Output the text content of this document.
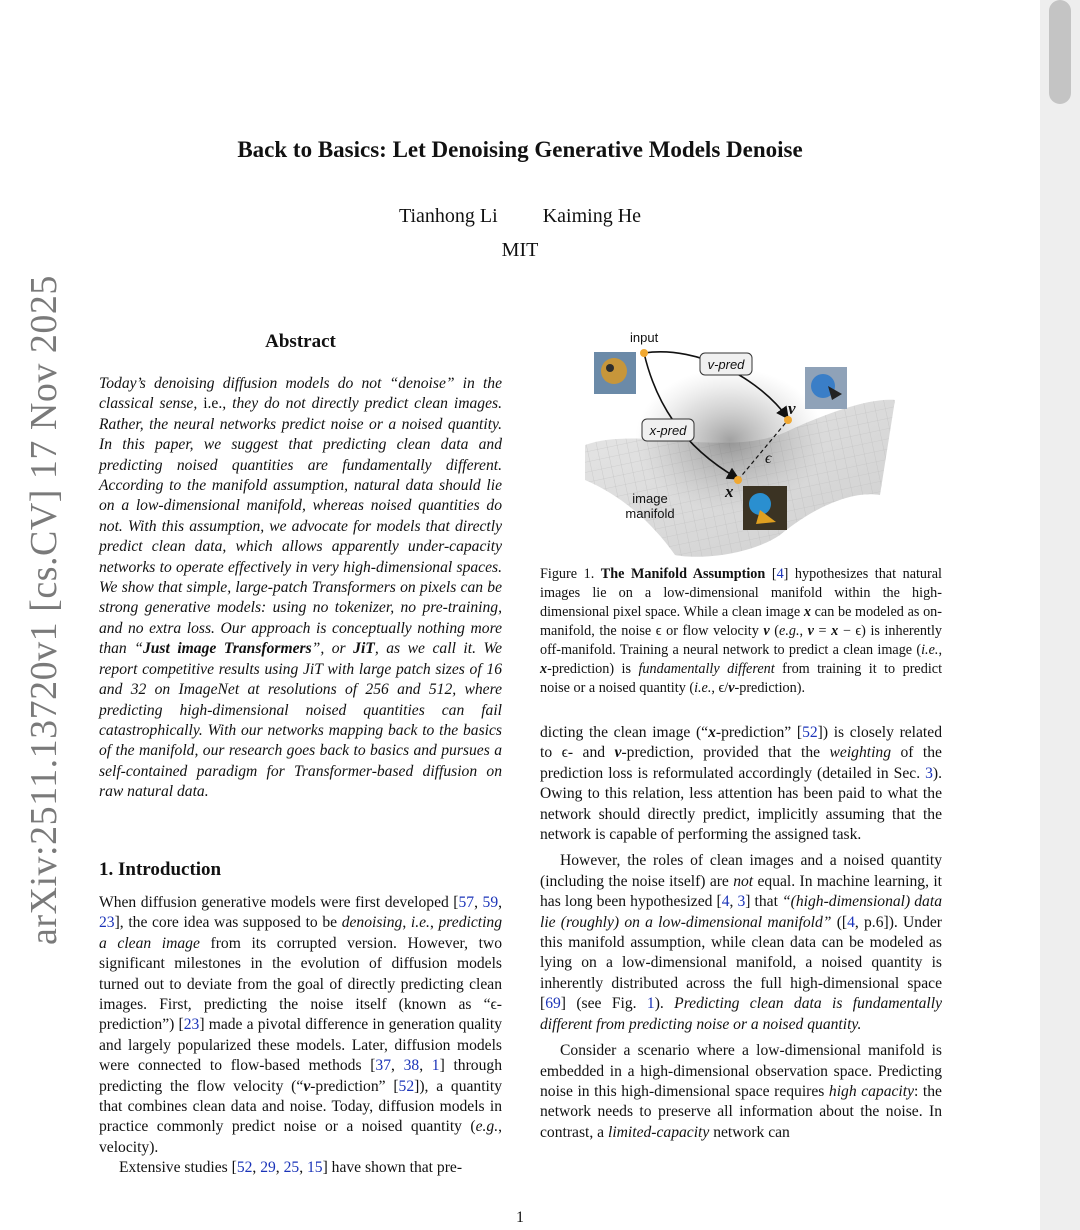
arXiv:2511.13720v1 [cs.CV] 17 Nov 2025
Back to Basics: Let Denoising Generative Models Denoise
Tianhong Li Kaiming He
MIT
Abstract
Today’s denoising diffusion models do not “denoise” in the classical sense, i.e., they do not directly predict clean images. Rather, the neural networks predict noise or a noised quantity. In this paper, we suggest that predicting clean data and predicting noised quantities are fundamentally different. According to the manifold assumption, natural data should lie on a low-dimensional manifold, whereas noised quantities do not. With this assumption, we advocate for models that directly predict clean data, which allows apparently under-capacity networks to operate effectively in very high-dimensional spaces. We show that simple, large-patch Transformers on pixels can be strong generative models: using no tokenizer, no pre-training, and no extra loss. Our approach is conceptually nothing more than “Just image Transformers”, or JiT, as we call it. We report competitive results using JiT with large patch sizes of 16 and 32 on ImageNet at resolutions of 256 and 512, where predicting high-dimensional noised quantities can fail catastrophically. With our networks mapping back to the basics of the manifold, our research goes back to basics and pursues a self-contained paradigm for Transformer-based diffusion on raw natural data.
1. Introduction

When diffusion generative models were first developed [57, 59, 23], the core idea was supposed to be denoising, i.e., predicting a clean image from its corrupted version. However, two significant milestones in the evolution of diffusion models turned out to deviate from the goal of directly predicting clean images. First, predicting the noise itself (known as “ϵ-prediction”) [23] made a pivotal difference in generation quality and largely popularized these models. Later, diffusion models were connected to flow-based methods [37, 38, 1] through predicting the flow velocity (“v-prediction” [52]), a quantity that combines clean data and noise. Today, diffusion models in practice commonly predict noise or a noised quantity (e.g., velocity).

Extensive studies [52, 29, 25, 15] have shown that pre-

input
v-pred
x-pred
v
ϵ
x
image
manifold
Figure 1. The Manifold Assumption [4] hypothesizes that natural images lie on a low-dimensional manifold within the high-dimensional pixel space. While a clean image x can be modeled as on-manifold, the noise ϵ or flow velocity v (e.g., v = x − ϵ) is inherently off-manifold. Training a neural network to predict a clean image (i.e., x-prediction) is fundamentally different from training it to predict noise or a noised quantity (i.e., ϵ/v-prediction).

dicting the clean image (“x-prediction” [52]) is closely related to ϵ- and v-prediction, provided that the weighting of the prediction loss is reformulated accordingly (detailed in Sec. 3). Owing to this relation, less attention has been paid to what the network should directly predict, implicitly assuming that the network is capable of performing the assigned task.

However, the roles of clean images and a noised quantity (including the noise itself) are not equal. In machine learning, it has long been hypothesized [4, 3] that “(high-dimensional) data lie (roughly) on a low-dimensional manifold” ([4, p.6]). Under this manifold assumption, while clean data can be modeled as lying on a low-dimensional manifold, a noised quantity is inherently distributed across the full high-dimensional space [69] (see Fig. 1). Predicting clean data is fundamentally different from predicting noise or a noised quantity.

Consider a scenario where a low-dimensional manifold is embedded in a high-dimensional observation space. Predicting noise in this high-dimensional space requires high capacity: the network needs to preserve all information about the noise. In contrast, a limited-capacity network can

1
